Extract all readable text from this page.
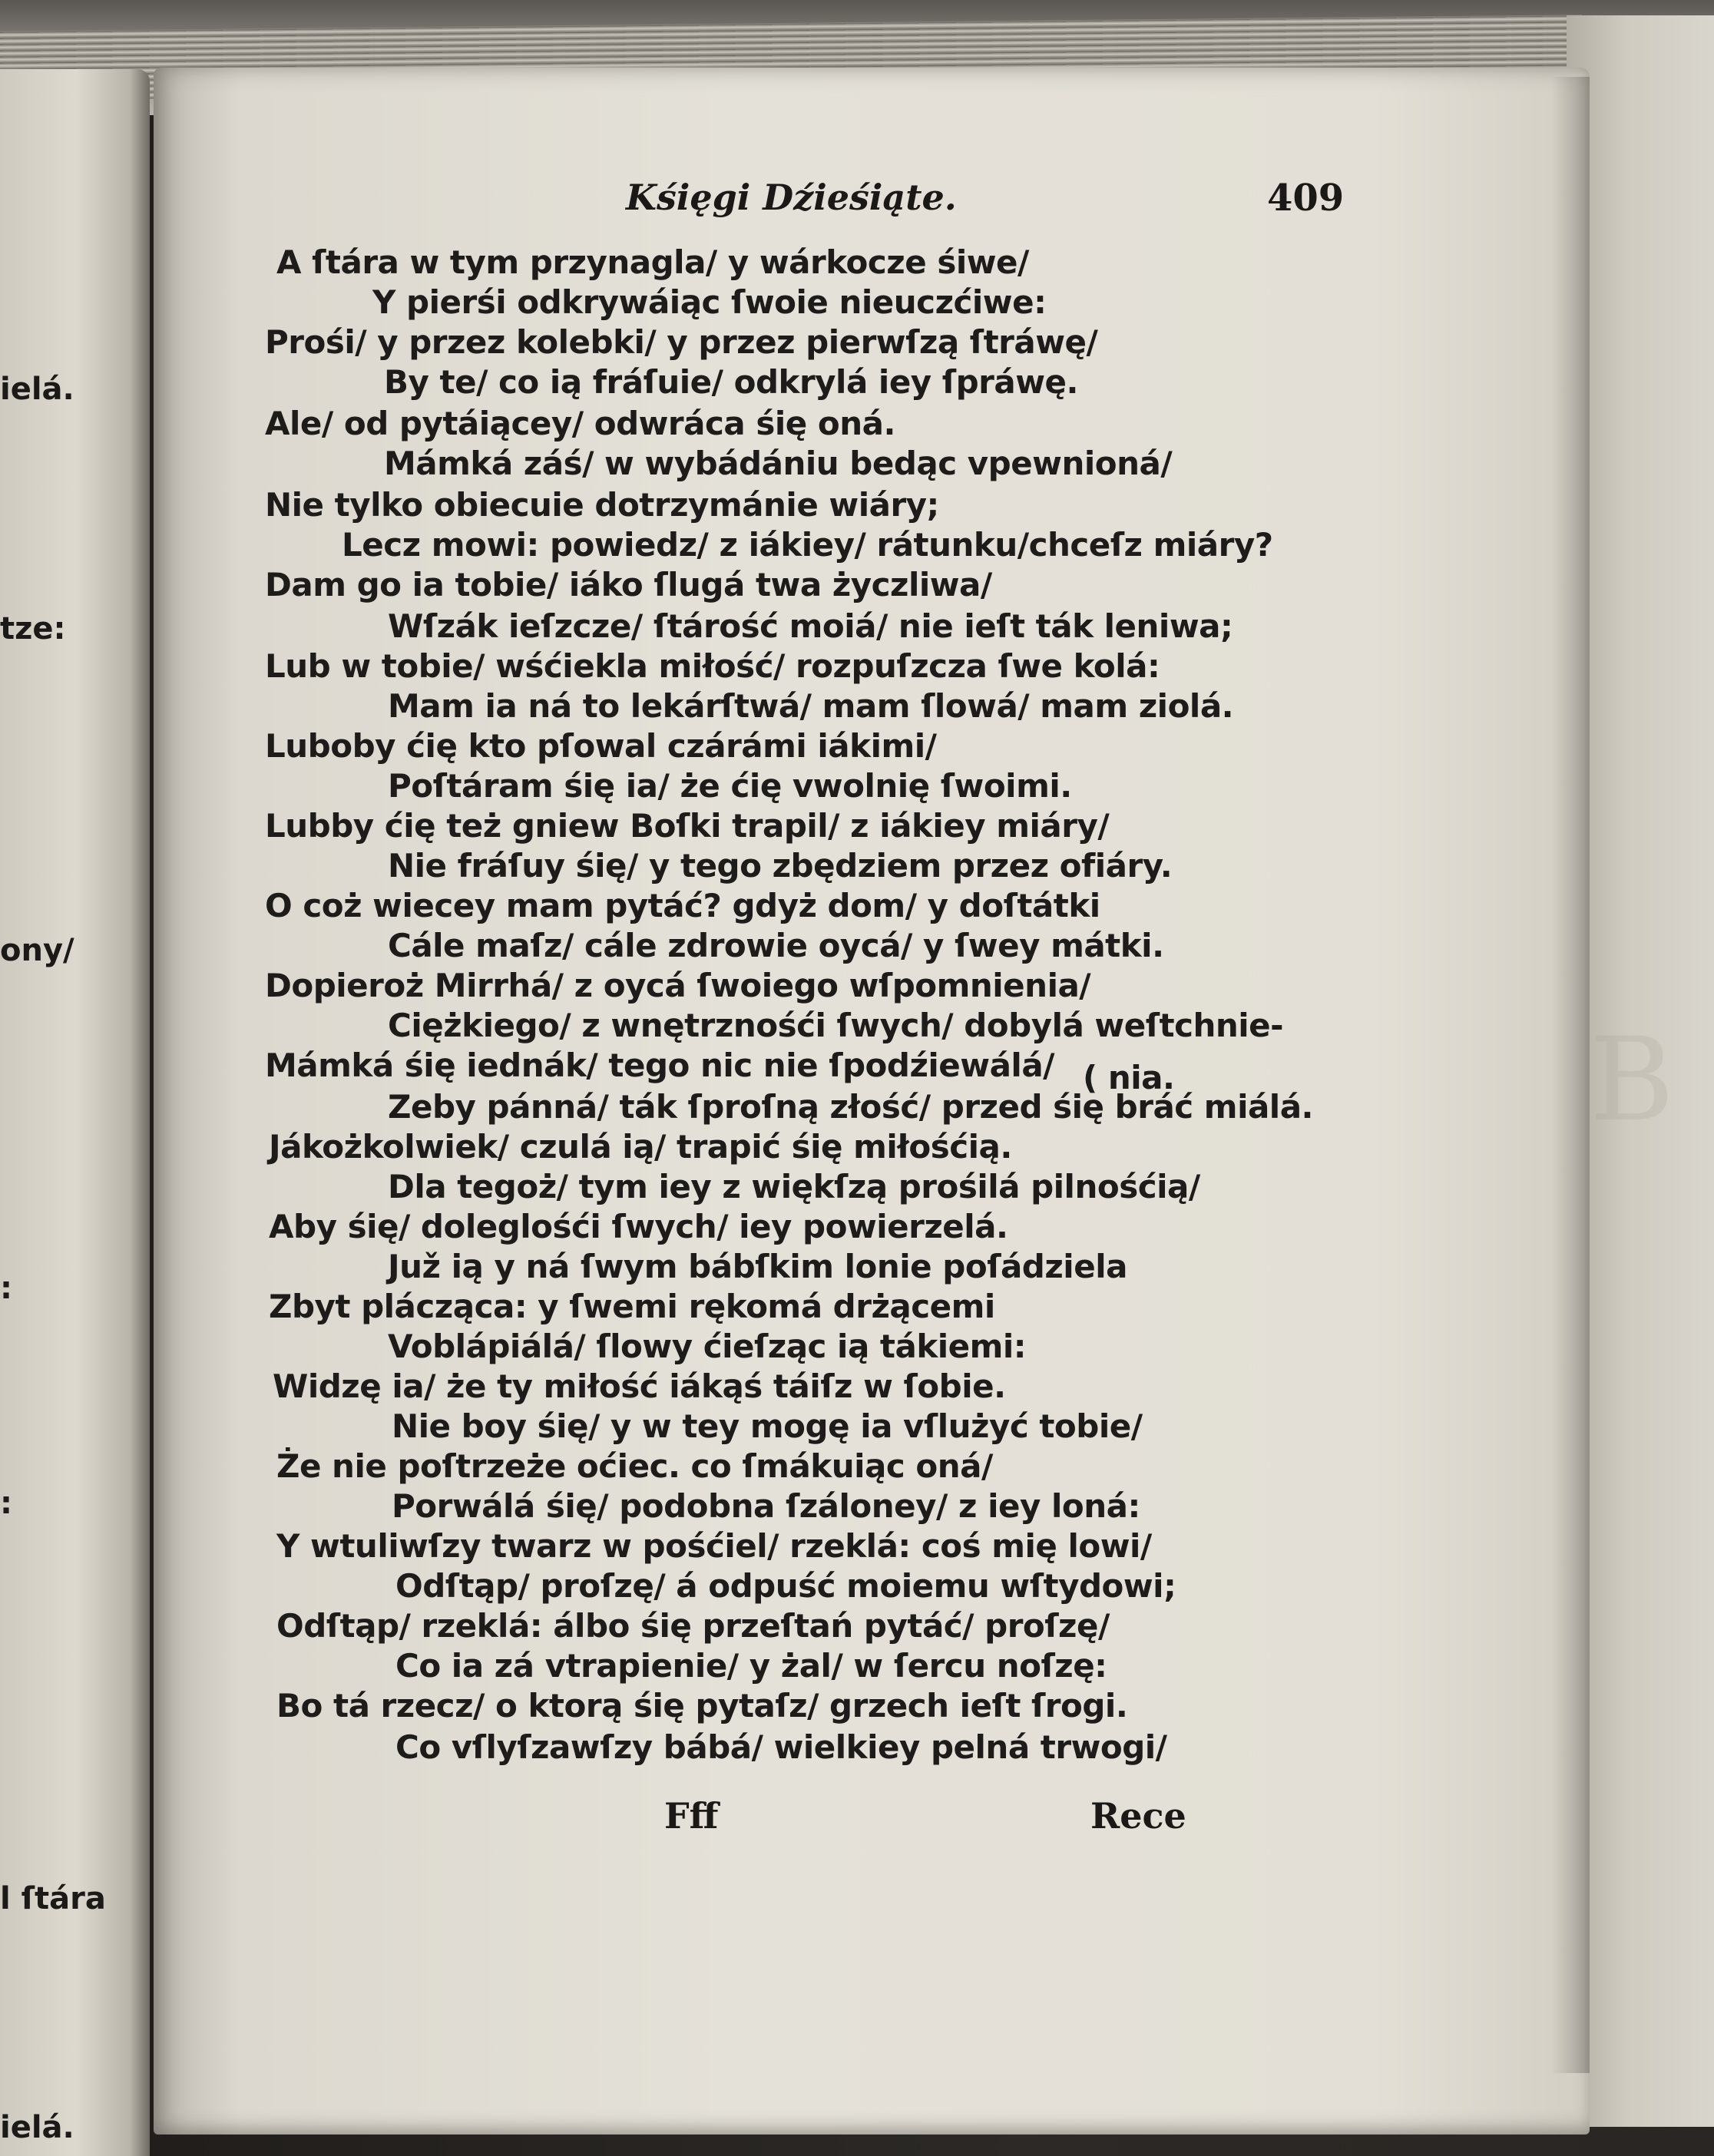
B
ielá.
tze:
ony/
:
:
l ſtára
ielá.
Kśięgi Dźieśiąte.	409
A ſtára w tym przynagla/ y wárkocze śiwe/
Y pierśi odkrywáiąc ſwoie nieuczćiwe:
Prośi/ y przez kolebki/ y przez pierwſzą ſtráwę/
By te/ co ią fráſuie/ odkrylá iey ſpráwę.
Ale/ od pytáiącey/ odwráca śię oná.
Mámká záś/ w wybádániu bedąc vpewnioná/
Nie tylko obiecuie dotrzymánie wiáry;
Lecz mowi: powiedz/ z iákiey/ rátunku/chceſz miáry?
Dam go ia tobie/ iáko ſlugá twa życzliwa/
Wſzák ieſzcze/ ſtárość moiá/ nie ieſt ták leniwa;
Lub w tobie/ wśćiekla miłość/ rozpuſzcza ſwe kolá:
Mam ia ná to lekárſtwá/ mam ſlowá/ mam ziolá.
Luboby ćię kto pſowal czárámi iákimi/
Poſtáram śię ia/ że ćię vwolnię ſwoimi.
Lubby ćię też gniew Boſki trapil/ z iákiey miáry/
Nie fráſuy śię/ y tego zbędziem przez ofiáry.
O coż wiecey mam pytáć? gdyż dom/ y doſtátki
Cále maſz/ cále zdrowie oycá/ y ſwey mátki.
Dopieroż Mirrhá/ z oycá ſwoiego wſpomnienia/
Ciężkiego/ z wnętrznośći ſwych/ dobylá weſtchnie-
Mámká śię iednák/ tego nic nie ſpodźiewálá/ ( nia.
Zeby pánná/ ták ſproſną złość/ przed śię bráć miálá.
Jákożkolwiek/ czulá ią/ trapić śię miłośćią.
Dla tegoż/ tym iey z więkſzą prośilá pilnośćią/
Aby śię/ doleglośći ſwych/ iey powierzelá.
Juž ią y ná ſwym bábſkim lonie poſádziela
Zbyt plácząca: y ſwemi rękomá drżącemi
Voblápiálá/ ſlowy ćieſząc ią tákiemi:
Widzę ia/ że ty miłość iákąś táiſz w ſobie.
Nie boy śię/ y w tey mogę ia vſlużyć tobie/
Że nie poſtrzeże oćiec. co ſmákuiąc oná/
Porwálá śię/ podobna ſzáloney/ z iey loná:
Y wtuliwſzy twarz w pośćiel/ rzeklá: coś mię lowi/
Odſtąp/ proſzę/ á odpuść moiemu wſtydowi;
Odſtąp/ rzeklá: álbo śię przeſtań pytáć/ proſzę/
Co ia zá vtrapienie/ y żal/ w ſercu noſzę:
Bo tá rzecz/ o ktorą śię pytaſz/ grzech ieſt ſrogi.
Co vſlyſzawſzy bábá/ wielkiey pelná trwogi/
Fff	Rece
